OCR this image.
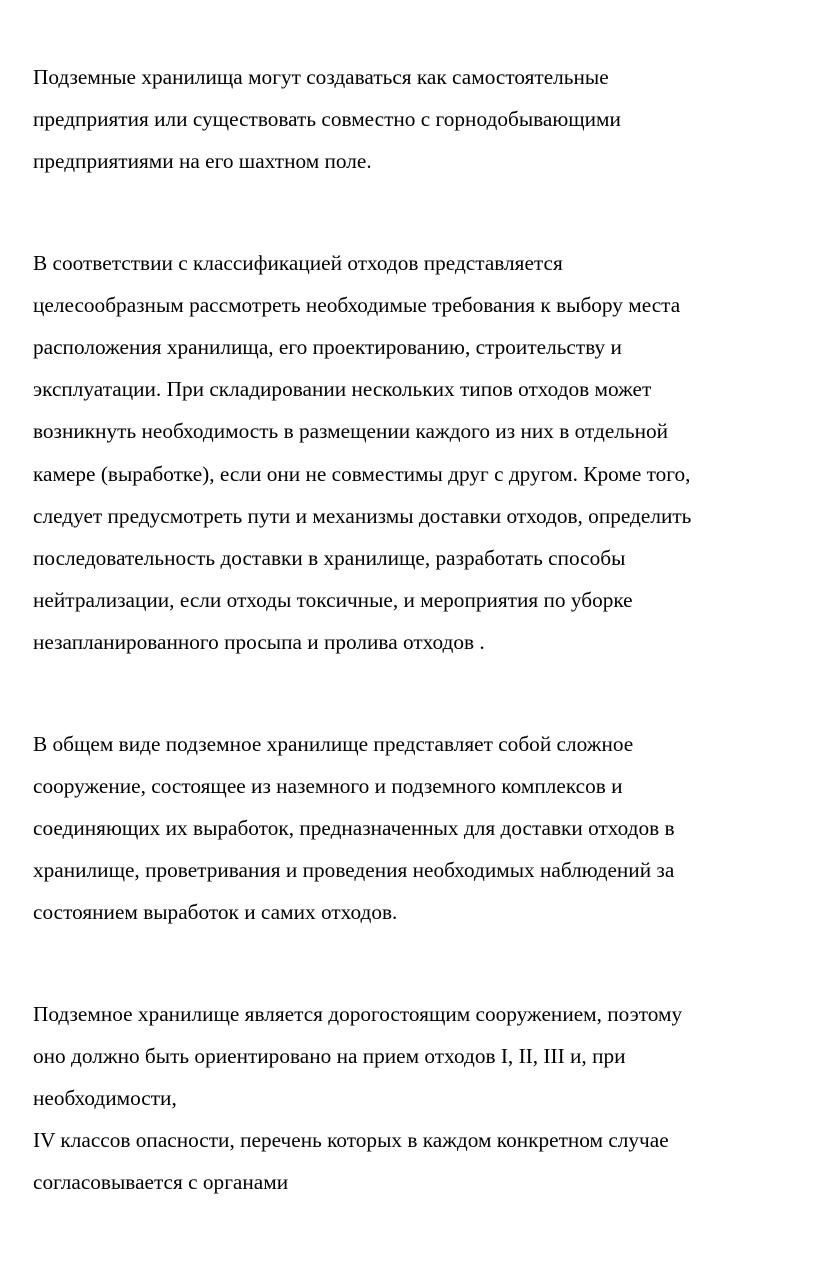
Подземные хранилища могут создаваться как самостоятельные
предприятия или существовать совместно с горнодобывающими
предприятиями на его шахтном поле.
В соответствии с классификацией отходов представляется
целесообразным рассмотреть необходимые требования к выбору места
расположения хранилища, его проектированию, строительству и
эксплуатации. При складировании нескольких типов отходов может
возникнуть необходимость в размещении каждого из них в отдельной
камере (выработке), если они не совместимы друг с другом. Кроме того,
следует предусмотреть пути и механизмы доставки отходов, определить
последовательность доставки в хранилище, разработать способы
нейтрализации, если отходы токсичные, и мероприятия по уборке
незапланированного просыпа и пролива отходов .
В общем виде подземное хранилище представляет собой сложное
сооружение, состоящее из наземного и подземного комплексов и
соединяющих их выработок, предназначенных для доставки отходов в
хранилище, проветривания и проведения необходимых наблюдений за
состоянием выработок и самих отходов.
Подземное хранилище является дорогостоящим сооружением, поэтому
оно должно быть ориентировано на прием отходов I, II, III и, при
необходимости,
IV классов опасности, перечень которых в каждом конкретном случае
согласовывается с органами
